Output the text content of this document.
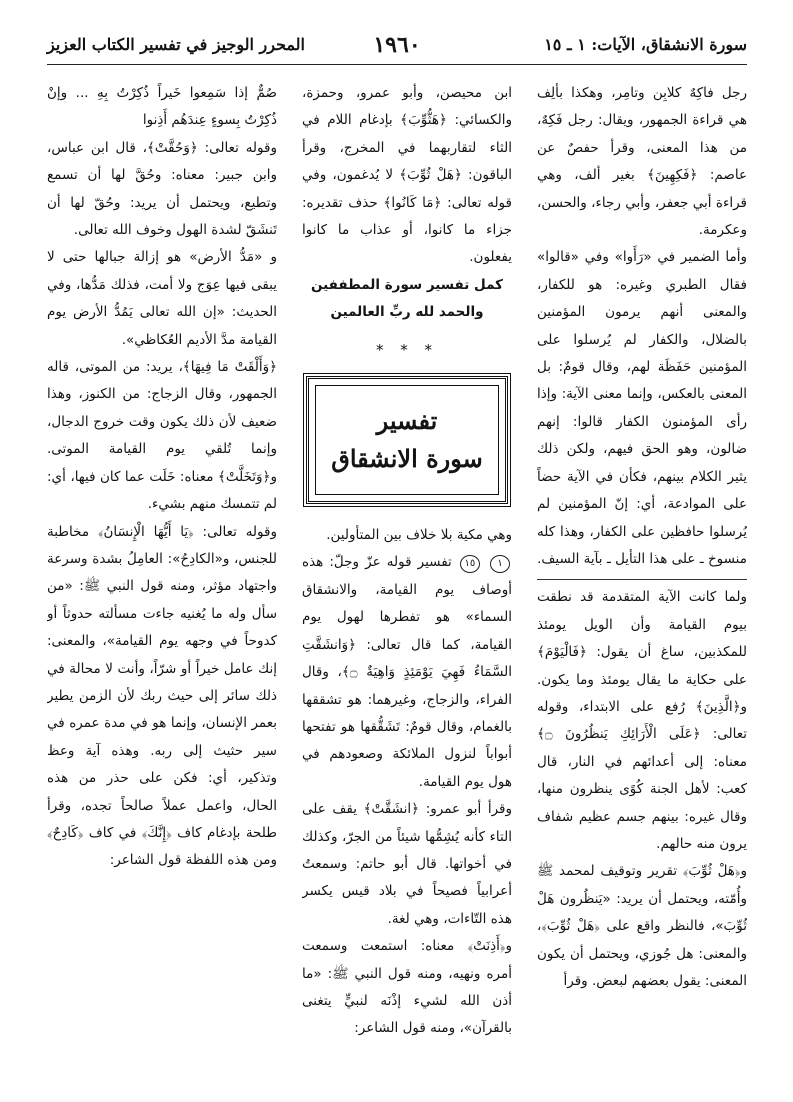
سورة الانشقاق، الآيات: ١ ـ ١٥
١٩٦٠
المحرر الوجيز في تفسير الكتاب العزيز

رجل فاكِهٌ كلابِن وتامِر، وهكذا بألِف هي قراءة الجمهور، ويقال: رجل فَكِهٌ، من هذا المعنى، وقرأ حفصٌ عن عاصم: ﴿فَكِهِينَ﴾ بغير ألف، وهي قراءة أبي جعفر، وأبي رجاء، والحسن، وعكرمة.

وأما الضمير في «رَأَوا» وفي «قالوا» فقال الطبري وغيره: هو للكفار، والمعنى أنهم يرمون المؤمنين بالضلال، والكفار لم يُرسلوا على المؤمنين حَفَظَة لهم، وقال قومٌ: بل المعنى بالعكس، وإنما معنى الآية: وإذا رأى المؤمنون الكفار قالوا: إنهم ضالون، وهو الحق فيهم، ولكن ذلك يثير الكلام بينهم، فكأن في الآية حضاً على الموادعة، أي: إنّ المؤمنين لم يُرسلوا حافظين على الكفار، وهذا كله منسوخ ـ على هذا التأيل ـ بآية السيف.

ولما كانت الآية المتقدمة قد نطقت بيوم القيامة وأن الويل يومئذ للمكذبين، ساغ أن يقول: ﴿فَالْيَوْمَ﴾ على حكاية ما يقال يومئذ وما يكون. و﴿الَّذِينَ﴾ رُفع على الابتداء، وقوله تعالى: ﴿عَلَى الْأَرَائِكِ يَنظُرُونَ ۝﴾ معناه: إلى أعدائهم في النار، قال كعب: لأهل الجنة كُوًى ينظرون منها، وقال غيره: بينهم جسم عظيم شفاف يرون منه حالهم.

و﴿هَلْ ثُوِّبَ﴾ تقرير وتوقيف لمحمد ﷺ وأُمّته، ويحتمل أن يريد: «يَنظُرون هَلْ ثُوِّبَ»، فالنظر واقع على ﴿هَلْ ثُوِّبَ﴾، والمعنى: هل جُوزي، ويحتمل أن يكون المعنى: يقول بعضهم لبعض. وقرأ

ابن محيصن، وأبو عمرو، وحمزة، والكسائي: ﴿هَثُّوِّبَ﴾ بإدغام اللام في الثاء لتقاربهما في المخرج، وقرأ الباقون: ﴿هَلْ ثُوِّبَ﴾ لا يُدغمون، وفي قوله تعالى: ﴿مَا كَانُوا﴾ حذف تقديره: جزاء ما كانوا، أو عذاب ما كانوا يفعلون.

كمل تفسير سورة المطففين

والحمد لله ربِّ العالمين

* * *
تفسير
سورة الانشقاق

وهي مكية بلا خلاف بين المتأولين.

١ ١٥ تفسير قوله عزّ وجلّ: هذه أوصاف يوم القيامة، والانشقاق السماء» هو تفطرها لهول يوم القيامة، كما قال تعالى: ﴿وَانشَقَّتِ السَّمَاءُ فَهِيَ يَوْمَئِذٍ وَاهِيَةٌ ۝﴾، وقال الفراء، والزجاج، وغيرهما: هو تشققها بالغمام، وقال قومٌ: تَشَقُّقها هو تفتحها أبواباً لنزول الملائكة وصعودهم في هول يوم القيامة.

وقرأ أبو عمرو: ﴿انشَقَّتْ﴾ يقف على التاء كأنه يُشِمُّها شيئاً من الجرّ، وكذلك في أخواتها. قال أبو حاتم: وسمعتُ أعرابياً فصيحاً في بلاد قيس يكسر هذه التّاءات، وهي لغة.

و﴿أَذِنَتْ﴾ معناه: استمعت وسمعت أمره ونهيه، ومنه قول النبي ﷺ: «ما أذن الله لشيء إذْنَه لنبيٍّ يتغنى بالقرآن»، ومنه قول الشاعر:

صُمٌّ إذا سَمِعوا خَيراً ذُكِرْتُ بِهِ ... وإنْ ذُكِرْتُ بِسوءٍ عِندَهُم أَذِنوا

وقوله تعالى: ﴿وَحُقَّتْ﴾، قال ابن عباس، وابن جبير: معناه: وحُقَّ لها أن تسمع وتطيع، ويحتمل أن يريد: وحُقّ لها أن تَنشَقّ لشدة الهول وخوف الله تعالى.

و «مَدُّ الأرض» هو إزالة جبالها حتى لا يبقى فيها عِوَج ولا أمت، فذلك مَدُّها، وفي الحديث: «إن الله تعالى يَمُدُّ الأرض يوم القيامة مدَّ الأديم العُكاظي».

﴿وَأَلْقَتْ مَا فِيهَا﴾، يريد: من الموتى، قاله الجمهور، وقال الزجاج: من الكنوز، وهذا ضعيف لأن ذلك يكون وقت خروج الدجال، وإنما تُلقي يوم القيامة الموتى. و﴿وَتَخَلَّتْ﴾ معناه: خَلَت عما كان فيها، أي: لم تتمسك منهم بشيء.

وقوله تعالى: ﴿يَا أَيُّهَا الْإِنسَانُ﴾ مخاطبة للجنس، و«الكادِحُ»: العامِلُ بشدة وسرعة واجتهاد مؤثر، ومنه قول النبي ﷺ: «من سأل وله ما يُغنيه جاءت مسألته حدوثاً أو كدوحاً في وجهه يوم القيامة»، والمعنى: إنك عامل خيراً أو شرّاً، وأنت لا محالة في ذلك سائر إلى حيث ربك لأن الزمن يطير بعمر الإنسان، وإنما هو في مدة عمره في سير حثيث إلى ربه. وهذه آية وعظ وتذكير، أي: فكن على حذر من هذه الحال، واعمل عملاً صالحاً تجده، وقرأ طلحة بإدغام كاف ﴿إِنَّكَ﴾ في كاف ﴿كَادِحٌ﴾ ومن هذه اللفظة قول الشاعر:
